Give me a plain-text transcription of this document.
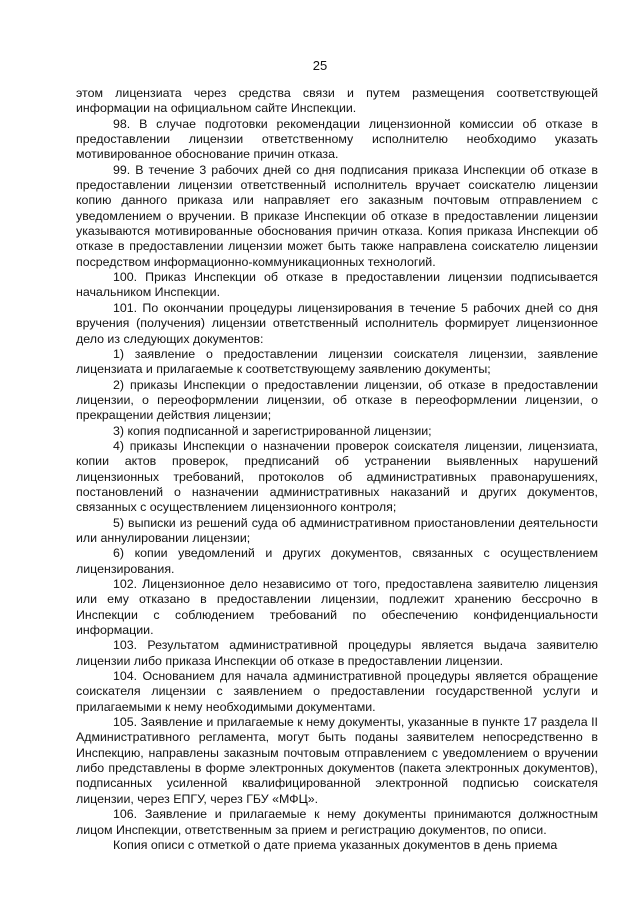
25

этом лицензиата через средства связи и путем размещения соответствующей информации на официальном сайте Инспекции.

98. В случае подготовки рекомендации лицензионной комиссии об отказе в предоставлении лицензии ответственному исполнителю необходимо указать мотивированное обоснование причин отказа.

99. В течение 3 рабочих дней со дня подписания приказа Инспекции об отказе в предоставлении лицензии ответственный исполнитель вручает соискателю лицензии копию данного приказа или направляет его заказным почтовым отправлением с уведомлением о вручении. В приказе Инспекции об отказе в предоставлении лицензии указываются мотивированные обоснования причин отказа. Копия приказа Инспекции об отказе в предоставлении лицензии может быть также направлена соискателю лицензии посредством информационно-коммуникационных технологий.

100. Приказ Инспекции об отказе в предоставлении лицензии подписывается начальником Инспекции.

101. По окончании процедуры лицензирования в течение 5 рабочих дней со дня вручения (получения) лицензии ответственный исполнитель формирует лицензионное дело из следующих документов:

1) заявление о предоставлении лицензии соискателя лицензии, заявление лицензиата и прилагаемые к соответствующему заявлению документы;

2) приказы Инспекции о предоставлении лицензии, об отказе в предоставлении лицензии, о переоформлении лицензии, об отказе в переоформлении лицензии, о прекращении действия лицензии;

3) копия подписанной и зарегистрированной лицензии;

4) приказы Инспекции о назначении проверок соискателя лицензии, лицензиата, копии актов проверок, предписаний об устранении выявленных нарушений лицензионных требований, протоколов об административных правонарушениях, постановлений о назначении административных наказаний и других документов, связанных с осуществлением лицензионного контроля;

5) выписки из решений суда об административном приостановлении деятельности или аннулировании лицензии;

6) копии уведомлений и других документов, связанных с осуществлением лицензирования.

102. Лицензионное дело независимо от того, предоставлена заявителю лицензия или ему отказано в предоставлении лицензии, подлежит хранению бессрочно в Инспекции с соблюдением требований по обеспечению конфиденциальности информации.

103. Результатом административной процедуры является выдача заявителю лицензии либо приказа Инспекции об отказе в предоставлении лицензии.

104. Основанием для начала административной процедуры является обращение соискателя лицензии с заявлением о предоставлении государственной услуги и прилагаемыми к нему необходимыми документами.

105. Заявление и прилагаемые к нему документы, указанные в пункте 17 раздела II Административного регламента, могут быть поданы заявителем непосредственно в Инспекцию, направлены заказным почтовым отправлением с уведомлением о вручении либо представлены в форме электронных документов (пакета электронных документов), подписанных усиленной квалифицированной электронной подписью соискателя лицензии, через ЕПГУ, через ГБУ «МФЦ».

106. Заявление и прилагаемые к нему документы принимаются должностным лицом Инспекции, ответственным за прием и регистрацию документов, по описи.

Копия описи с отметкой о дате приема указанных документов в день приема
